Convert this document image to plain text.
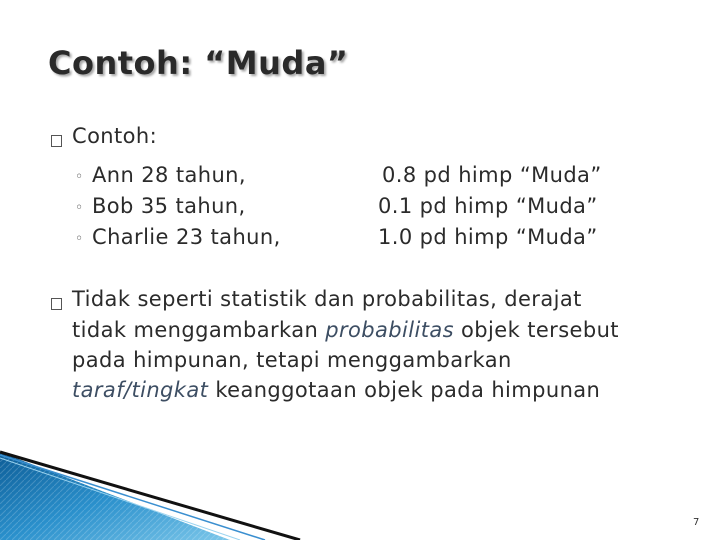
Contoh: “Muda”
Contoh:
◦ Ann 28 tahun,	0.8 pd himp “Muda”
◦ Bob 35 tahun,	0.1 pd himp “Muda”
◦ Charlie 23 tahun,	1.0 pd himp “Muda”
Tidak seperti statistik dan probabilitas, derajat
tidak menggambarkan probabilitas objek tersebut
pada himpunan, tetapi menggambarkan
taraf/tingkat keanggotaan objek pada himpunan
7
